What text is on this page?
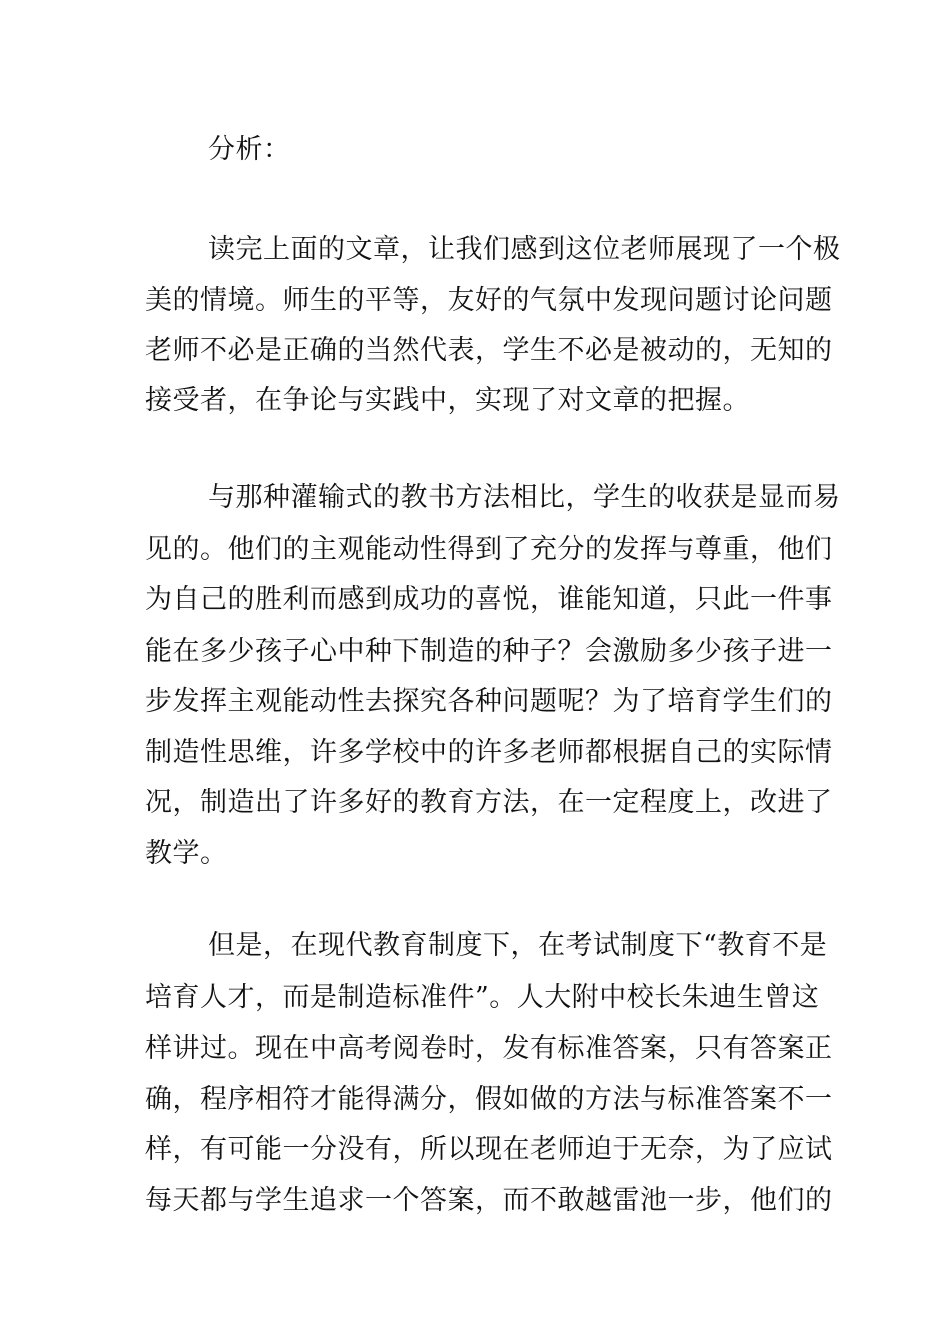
分析：
读完上面的文章，让我们感到这位老师展现了一个极
美的情境。师生的平等，友好的气氛中发现问题讨论问题
老师不必是正确的当然代表，学生不必是被动的，无知的
接受者，在争论与实践中，实现了对文章的把握。
与那种灌输式的教书方法相比，学生的收获是显而易
见的。他们的主观能动性得到了充分的发挥与尊重，他们
为自己的胜利而感到成功的喜悦，谁能知道，只此一件事
能在多少孩子心中种下制造的种子？会激励多少孩子进一
步发挥主观能动性去探究各种问题呢？为了培育学生们的
制造性思维，许多学校中的许多老师都根据自己的实际情
况，制造出了许多好的教育方法，在一定程度上，改进了
教学。
但是，在现代教育制度下，在考试制度下“教育不是
培育人才，而是制造标准件”。人大附中校长朱迪生曾这
样讲过。现在中高考阅卷时，发有标准答案，只有答案正
确，程序相符才能得满分，假如做的方法与标准答案不一
样，有可能一分没有，所以现在老师迫于无奈，为了应试
每天都与学生追求一个答案，而不敢越雷池一步，他们的
